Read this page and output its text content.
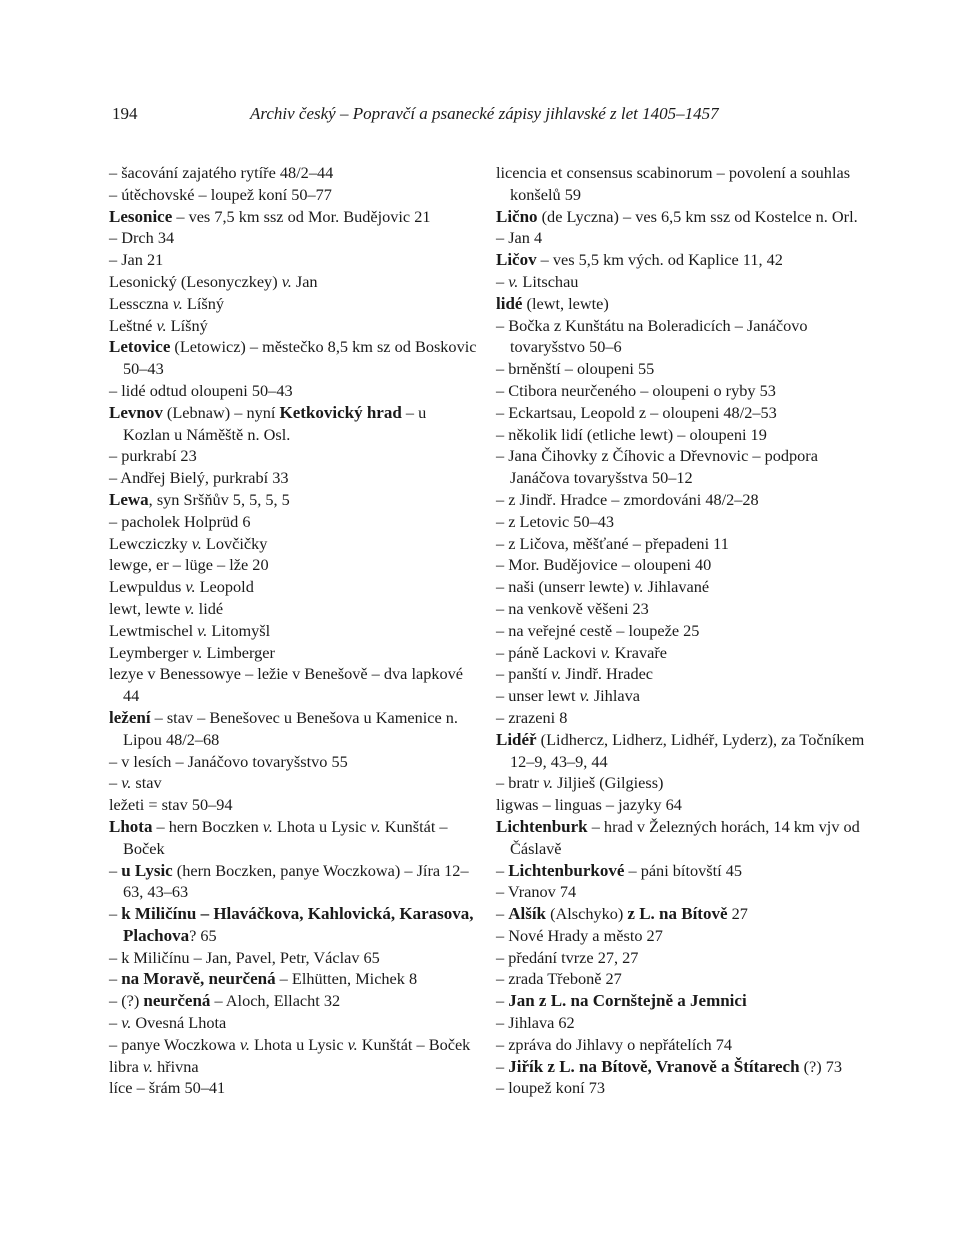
194	Archiv český – Popravčí a psanecké zápisy jihlavské z let 1405–1457

– šacování zajatého rytíře 48/2–44

– útěchovské – loupež koní 50–77

Lesonice – ves 7,5 km ssz od Mor. Budějovic 21

– Drch 34

– Jan 21

Lesonický (Lesonyczkey) v. Jan

Lessczna v. Líšný

Leštné v. Líšný

Letovice (Letowicz) – městečko 8,5 km sz od Boskovic 50–43

– lidé odtud oloupeni 50–43

Levnov (Lebnaw) – nyní Ketkovický hrad – u Kozlan u Náměště n. Osl.

– purkrabí 23

– Andřej Bielý, purkrabí 33

Lewa, syn Sršňův 5, 5, 5, 5

– pacholek Holprüd 6

Lewcziczky v. Lovčičky

lewge, er – lüge – lže 20

Lewpuldus v. Leopold

lewt, lewte v. lidé

Lewtmischel v. Litomyšl

Leymberger v. Limberger

lezye v Benessowye – ležie v Benešově – dva lapkové 44

ležení – stav – Benešovec u Benešova u Kamenice n. Lipou 48/2–68

– v lesích – Janáčovo tovaryšstvo 55

– v. stav

ležeti = stav 50–94

Lhota – hern Boczken v. Lhota u Lysic v. Kunštát – Boček

– u Lysic (hern Boczken, panye Woczkowa) – Jíra 12–63, 43–63

– k Miličínu – Hlaváčkova, Kahlovická, Karasova, Plachova? 65

– k Miličínu – Jan, Pavel, Petr, Václav 65

– na Moravě, neurčená – Elhütten, Michek 8

– (?) neurčená – Aloch, Ellacht 32

– v. Ovesná Lhota

– panye Woczkowa v. Lhota u Lysic v. Kunštát – Boček

libra v. hřivna

líce – šrám 50–41

licencia et consensus scabinorum – povolení a souhlas konšelů 59

Lično (de Lyczna) – ves 6,5 km ssz od Kostelce n. Orl.

– Jan 4

Ličov – ves 5,5 km vých. od Kaplice 11, 42

– v. Litschau

lidé (lewt, lewte)

– Bočka z Kunštátu na Boleradicích – Janáčovo tovaryšstvo 50–6

– brněnští – oloupeni 55

– Ctibora neurčeného – oloupeni o ryby 53

– Eckartsau, Leopold z – oloupeni 48/2–53

– několik lidí (etliche lewt) – oloupeni 19

– Jana Čihovky z Číhovic a Dřevnovic – podpora Janáčova tovaryšstva 50–12

– z Jindř. Hradce – zmordováni 48/2–28

– z Letovic 50–43

– z Ličova, měšťané – přepadeni 11

– Mor. Budějovice – oloupeni 40

– naši (unserr lewte) v. Jihlavané

– na venkově věšeni 23

– na veřejné cestě – loupeže 25

– páně Lackovi v. Kravaře

– panští v. Jindř. Hradec

– unser lewt v. Jihlava

– zrazeni 8

Lidéř (Lidhercz, Lidherz, Lidhéř, Lyderz), za Točníkem 12–9, 43–9, 44

– bratr v. Jiljieš (Gilgiess)

ligwas – linguas – jazyky 64

Lichtenburk – hrad v Železných horách, 14 km vjv od Čáslavě

– Lichtenburkové – páni bítovští 45

– Vranov 74

– Alšík (Alschyko) z L. na Bítově 27

– Nové Hrady a město 27

– předání tvrze 27, 27

– zrada Třeboně 27

– Jan z L. na Cornštejně a Jemnici

– Jihlava 62

– zpráva do Jihlavy o nepřátelích 74

– Jiřík z L. na Bítově, Vranově a Štítarech (?) 73

– loupež koní 73
